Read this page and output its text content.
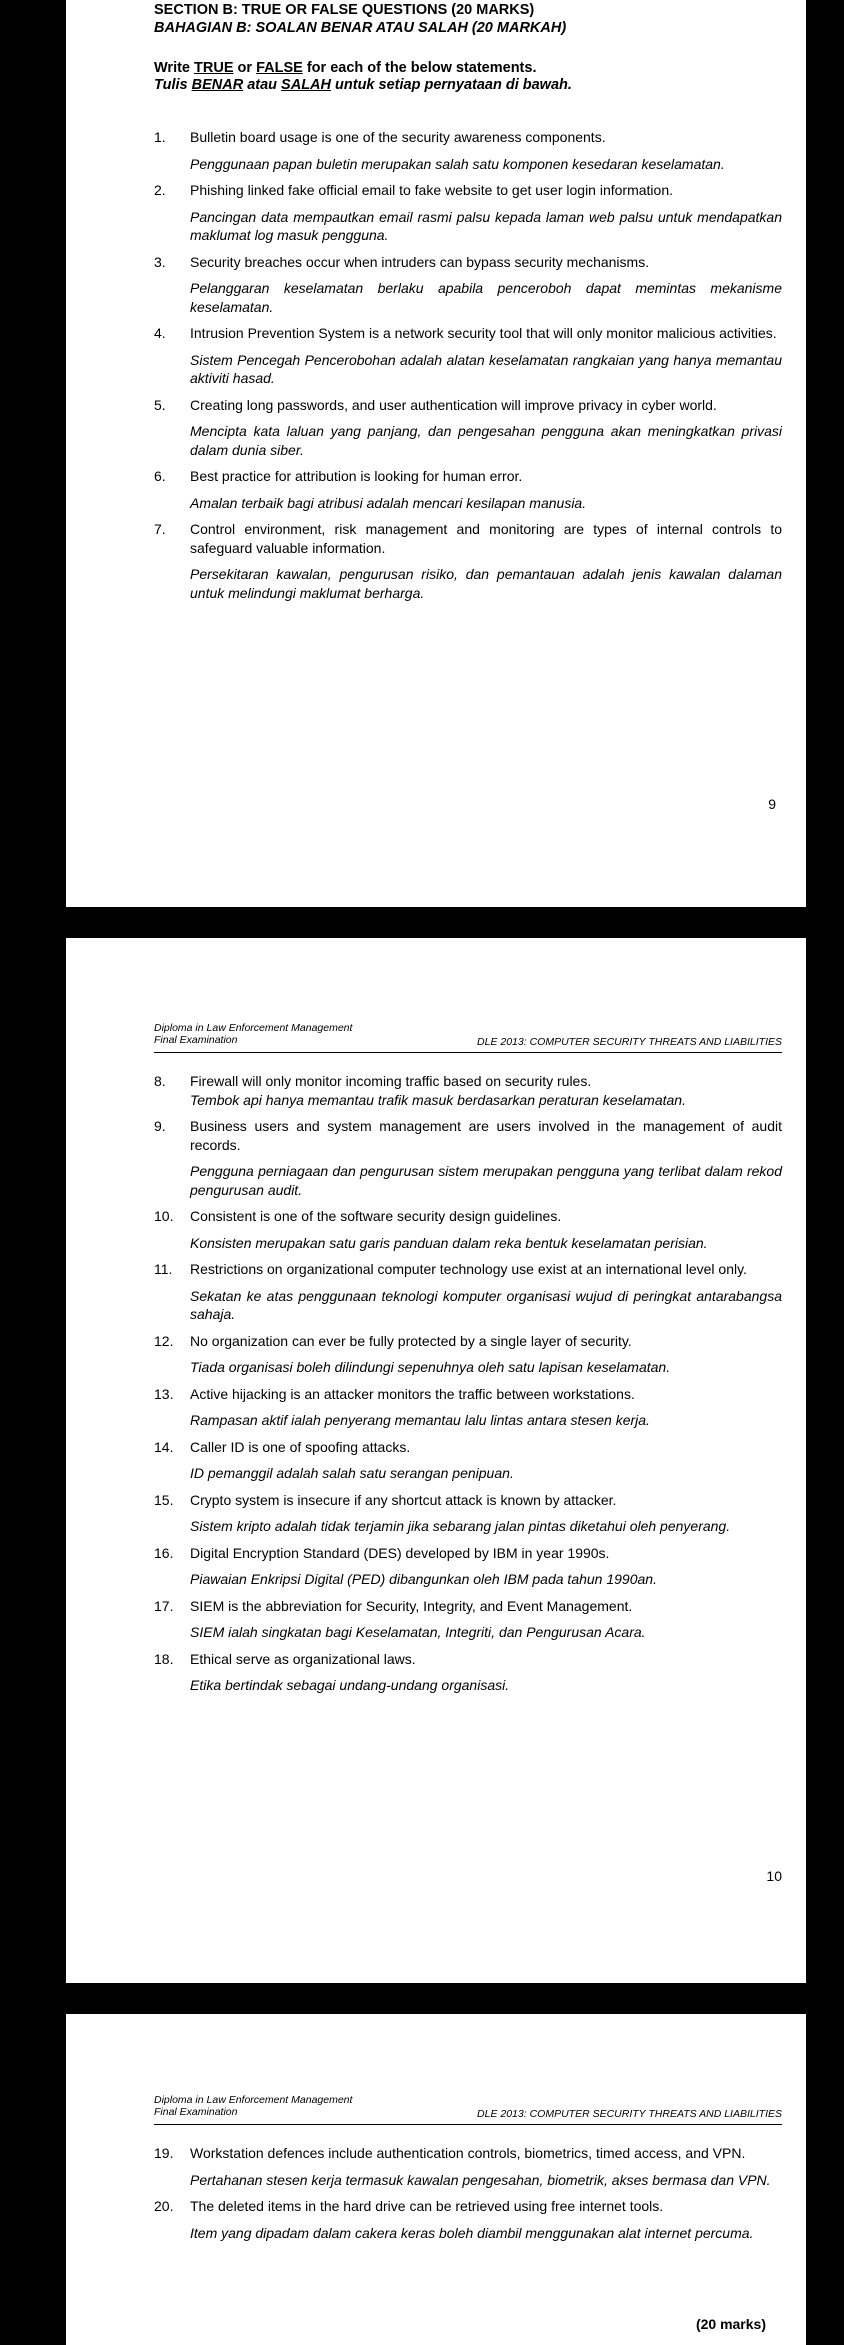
SECTION B: TRUE OR FALSE QUESTIONS (20 MARKS)
BAHAGIAN B: SOALAN BENAR ATAU SALAH (20 MARKAH)
Write TRUE or FALSE for each of the below statements.
Tulis BENAR atau SALAH untuk setiap pernyataan di bawah.
1. Bulletin board usage is one of the security awareness components.

Penggunaan papan buletin merupakan salah satu komponen kesedaran keselamatan.

2. Phishing linked fake official email to fake website to get user login information.

Pancingan data mempautkan email rasmi palsu kepada laman web palsu untuk mendapatkan maklumat log masuk pengguna.

3. Security breaches occur when intruders can bypass security mechanisms.

Pelanggaran keselamatan berlaku apabila penceroboh dapat memintas mekanisme keselamatan.

4. Intrusion Prevention System is a network security tool that will only monitor malicious activities.

Sistem Pencegah Pencerobohan adalah alatan keselamatan rangkaian yang hanya memantau aktiviti hasad.

5. Creating long passwords, and user authentication will improve privacy in cyber world.

Mencipta kata laluan yang panjang, dan pengesahan pengguna akan meningkatkan privasi dalam dunia siber.

6. Best practice for attribution is looking for human error.

Amalan terbaik bagi atribusi adalah mencari kesilapan manusia.

7. Control environment, risk management and monitoring are types of internal controls to safeguard valuable information.

Persekitaran kawalan, pengurusan risiko, dan pemantauan adalah jenis kawalan dalaman untuk melindungi maklumat berharga.

9
Diploma in Law Enforcement Management
Final Examination	DLE 2013: COMPUTER SECURITY THREATS AND LIABILITIES
8. Firewall will only monitor incoming traffic based on security rules.

Tembok api hanya memantau trafik masuk berdasarkan peraturan keselamatan.

9. Business users and system management are users involved in the management of audit records.

Pengguna perniagaan dan pengurusan sistem merupakan pengguna yang terlibat dalam rekod pengurusan audit.

10. Consistent is one of the software security design guidelines.

Konsisten merupakan satu garis panduan dalam reka bentuk keselamatan perisian.

11. Restrictions on organizational computer technology use exist at an international level only.

Sekatan ke atas penggunaan teknologi komputer organisasi wujud di peringkat antarabangsa sahaja.

12. No organization can ever be fully protected by a single layer of security.

Tiada organisasi boleh dilindungi sepenuhnya oleh satu lapisan keselamatan.

13. Active hijacking is an attacker monitors the traffic between workstations.

Rampasan aktif ialah penyerang memantau lalu lintas antara stesen kerja.

14. Caller ID is one of spoofing attacks.

ID pemanggil adalah salah satu serangan penipuan.

15. Crypto system is insecure if any shortcut attack is known by attacker.

Sistem kripto adalah tidak terjamin jika sebarang jalan pintas diketahui oleh penyerang.

16. Digital Encryption Standard (DES) developed by IBM in year 1990s.

Piawaian Enkripsi Digital (PED) dibangunkan oleh IBM pada tahun 1990an.

17. SIEM is the abbreviation for Security, Integrity, and Event Management.

SIEM ialah singkatan bagi Keselamatan, Integriti, dan Pengurusan Acara.

18. Ethical serve as organizational laws.

Etika bertindak sebagai undang-undang organisasi.

10
Diploma in Law Enforcement Management
Final Examination	DLE 2013: COMPUTER SECURITY THREATS AND LIABILITIES
19. Workstation defences include authentication controls, biometrics, timed access, and VPN.

Pertahanan stesen kerja termasuk kawalan pengesahan, biometrik, akses bermasa dan VPN.

20. The deleted items in the hard drive can be retrieved using free internet tools.

Item yang dipadam dalam cakera keras boleh diambil menggunakan alat internet percuma.

(20 marks)
